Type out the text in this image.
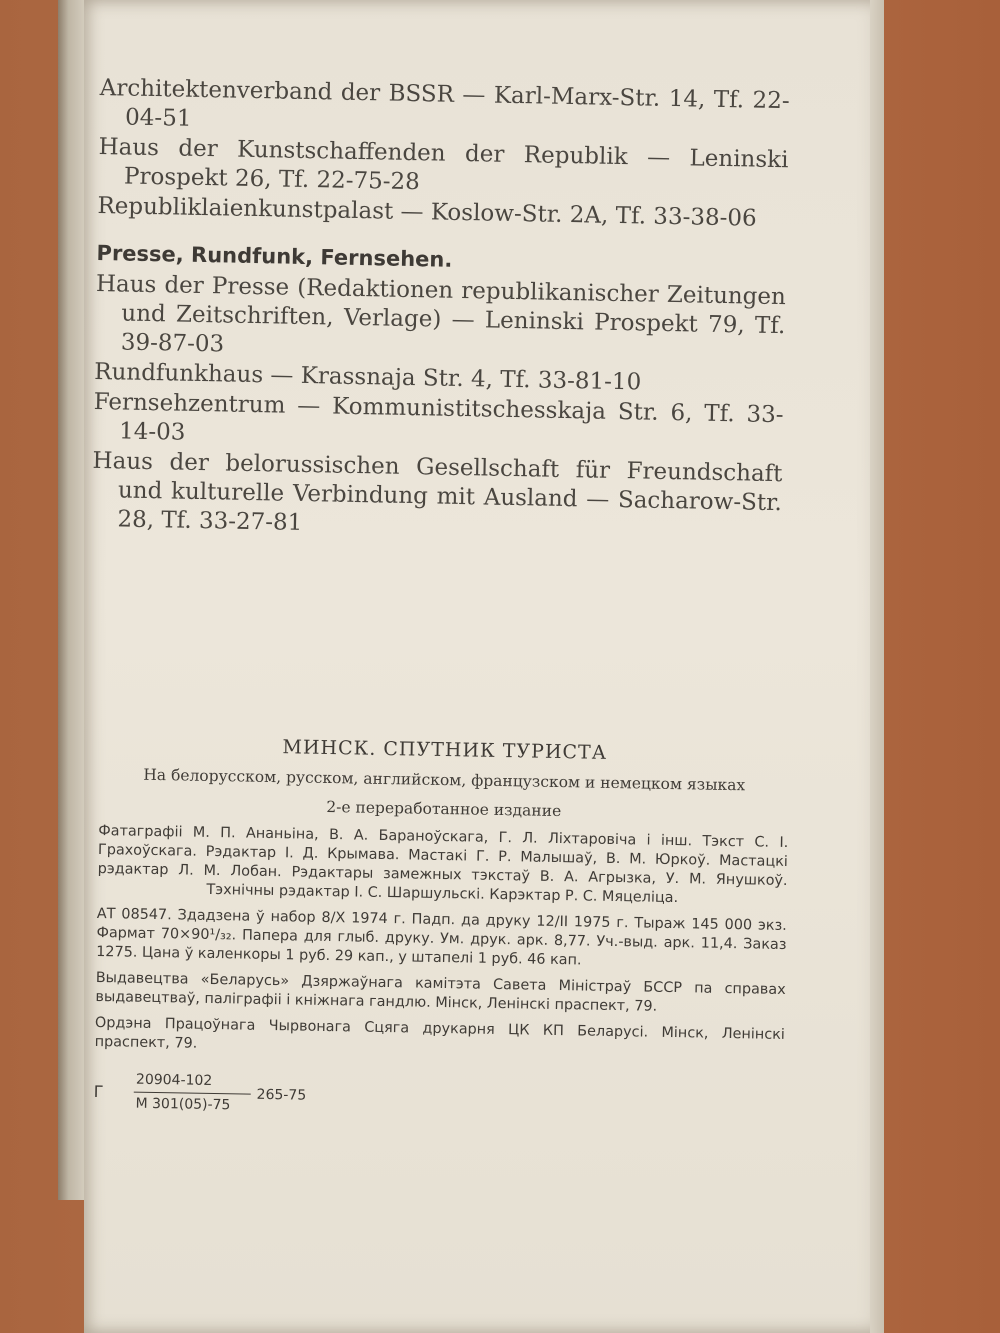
Architektenverband der BSSR — Karl-Marx-Str. 14, Tf. 22-04-51

Haus der Kunstschaffenden der Republik — Leninski Prospekt 26, Tf. 22-75-28

Republiklaienkunstpalast — Koslow-Str. 2A, Tf. 33-38-06

Presse, Rundfunk, Fernsehen.

Haus der Presse (Redaktionen republikanischer Zeitungen und Zeitschriften, Verlage) — Leninski Prospekt 79, Tf. 39-87-03

Rundfunkhaus — Krassnaja Str. 4, Tf. 33-81-10

Fernsehzentrum — Kommunistitschesskaja Str. 6, Tf. 33-14-03

Haus der belorussischen Gesellschaft für Freundschaft und kulturelle Verbindung mit Ausland — Sacharow-Str. 28, Tf. 33-27-81

МИНСК. СПУТНИК ТУРИСТА
На белорусском, русском, английском, французском и немецком языках
2-е переработанное издание
Фатаграфіі М. П. Ананьіна, В. А. Бараноўскага, Г. Л. Ліхтаровіча і інш. Тэкст С. І. Грахоўскага. Рэдактар І. Д. Крымава. Мастакі Г. Р. Малышаў, В. М. Юркоў. Мастацкі рэдактар Л. М. Лобан. Рэдактары замежных тэкстаў В. А. Агрызка, У. М. Янушкоў. Тэхнічны рэдактар І. С. Шаршульскі. Карэктар Р. С. Мяцеліца.
АТ 08547. Здадзена ў набор 8/X 1974 г. Падп. да друку 12/II 1975 г. Тыраж 145 000 экз. Фармат 70×90¹/₃₂. Папера для глыб. друку. Ум. друк. арк. 8,77. Уч.-выд. арк. 11,4. Заказ 1275. Цана ў каленкоры 1 руб. 29 кап., у штапелі 1 руб. 46 кап.
Выдавецтва «Беларусь» Дзяржаўнага камітэта Савета Міністраў БССР па справах выдавецтваў, паліграфіі і кніжнага гандлю. Мінск, Ленінскі праспект, 79.
Ордэна Працоўнага Чырвонага Сцяга друкарня ЦК КП Беларусі. Мінск, Ленінскі праспект, 79.
Г	$\frac{20904-102}{М 301(05)-75} 265-75$
